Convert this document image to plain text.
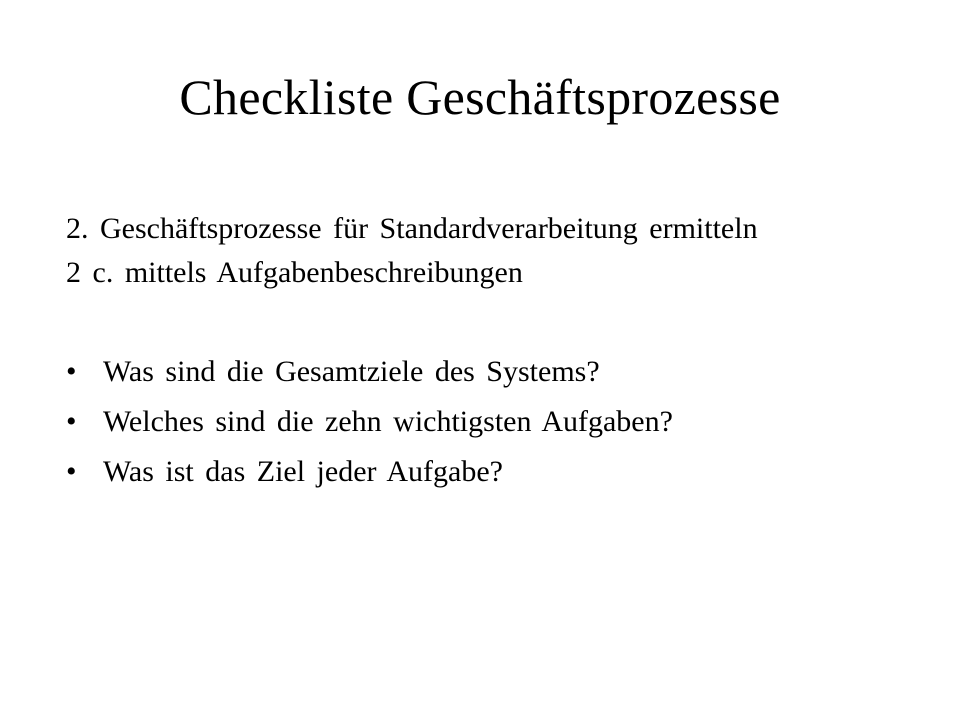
Checkliste Geschäftsprozesse
2. Geschäftsprozesse für Standardverarbeitung ermitteln
2 c. mittels Aufgabenbeschreibungen
• Was sind die Gesamtziele des Systems?
• Welches sind die zehn wichtigsten Aufgaben?
• Was ist das Ziel jeder Aufgabe?
